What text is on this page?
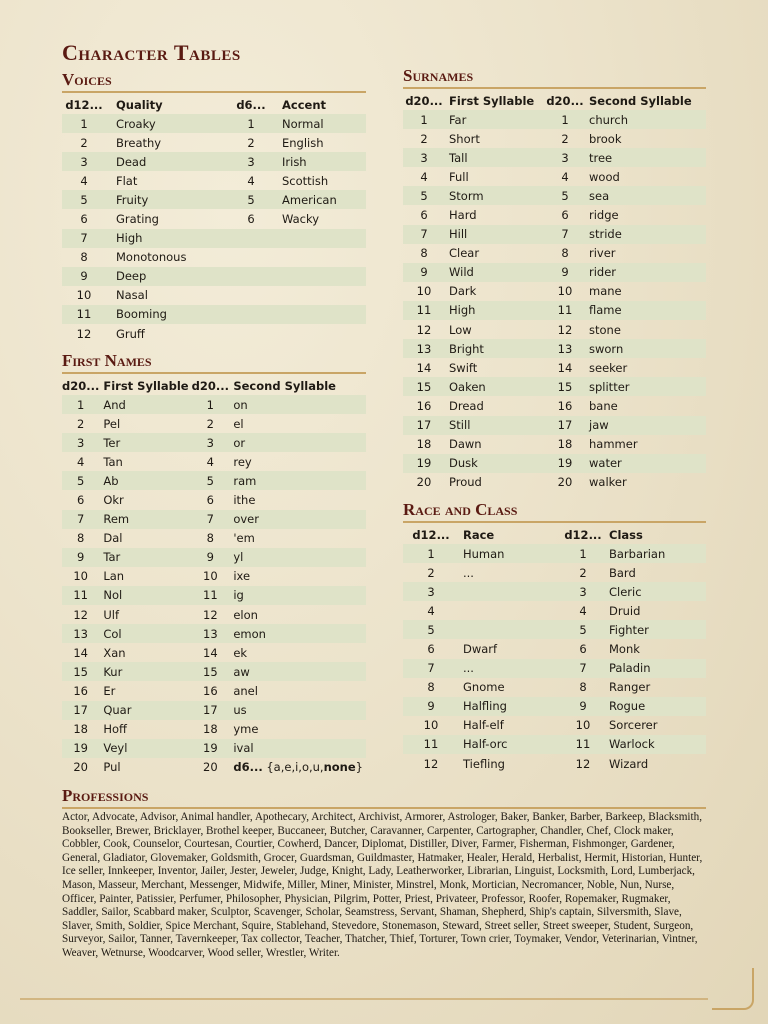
Character Tables
Voices
d12...	Quality	d6...	Accent
1	Croaky	1	Normal
2	Breathy	2	English
3	Dead	3	Irish
4	Flat	4	Scottish
5	Fruity	5	American
6	Grating	6	Wacky
7	High		
8	Monotonous		
9	Deep		
10	Nasal		
11	Booming		
12	Gruff		
First Names
d20...	First Syllable	d20...	Second Syllable
1	And	1	on
2	Pel	2	el
3	Ter	3	or
4	Tan	4	rey
5	Ab	5	ram
6	Okr	6	ithe
7	Rem	7	over
8	Dal	8	'em
9	Tar	9	yl
10	Lan	10	ixe
11	Nol	11	ig
12	Ulf	12	elon
13	Col	13	emon
14	Xan	14	ek
15	Kur	15	aw
16	Er	16	anel
17	Quar	17	us
18	Hoff	18	yme
19	Veyl	19	ival
20	Pul	20	d6... {a,e,i,o,u,none}
Surnames
d20...	First Syllable	d20...	Second Syllable
1	Far	1	church
2	Short	2	brook
3	Tall	3	tree
4	Full	4	wood
5	Storm	5	sea
6	Hard	6	ridge
7	Hill	7	stride
8	Clear	8	river
9	Wild	9	rider
10	Dark	10	mane
11	High	11	flame
12	Low	12	stone
13	Bright	13	sworn
14	Swift	14	seeker
15	Oaken	15	splitter
16	Dread	16	bane
17	Still	17	jaw
18	Dawn	18	hammer
19	Dusk	19	water
20	Proud	20	walker
Race and Class
d12...	Race	d12...	Class
1	Human	1	Barbarian
2	...	2	Bard
3		3	Cleric
4		4	Druid
5		5	Fighter
6	Dwarf	6	Monk
7	...	7	Paladin
8	Gnome	8	Ranger
9	Halfling	9	Rogue
10	Half-elf	10	Sorcerer
11	Half-orc	11	Warlock
12	Tiefling	12	Wizard
Professions
Actor, Advocate, Advisor, Animal handler, Apothecary, Architect, Archivist, Armorer, Astrologer, Baker, Banker, Barber, Barkeep, Blacksmith, Bookseller, Brewer, Bricklayer, Brothel keeper, Buccaneer, Butcher, Caravanner, Carpenter, Cartographer, Chandler, Chef, Clock maker, Cobbler, Cook, Counselor, Courtesan, Courtier, Cowherd, Dancer, Diplomat, Distiller, Diver, Farmer, Fisherman, Fishmonger, Gardener, General, Gladiator, Glovemaker, Goldsmith, Grocer, Guardsman, Guildmaster, Hatmaker, Healer, Herald, Herbalist, Hermit, Historian, Hunter, Ice seller, Innkeeper, Inventor, Jailer, Jester, Jeweler, Judge, Knight, Lady, Leatherworker, Librarian, Linguist, Locksmith, Lord, Lumberjack, Mason, Masseur, Merchant, Messenger, Midwife, Miller, Miner, Minister, Minstrel, Monk, Mortician, Necromancer, Noble, Nun, Nurse, Officer, Painter, Patissier, Perfumer, Philosopher, Physician, Pilgrim, Potter, Priest, Privateer, Professor, Roofer, Ropemaker, Rugmaker, Saddler, Sailor, Scabbard maker, Sculptor, Scavenger, Scholar, Seamstress, Servant, Shaman, Shepherd, Ship's captain, Silversmith, Slave, Slaver, Smith, Soldier, Spice Merchant, Squire, Stablehand, Stevedore, Stonemason, Steward, Street seller, Street sweeper, Student, Surgeon, Surveyor, Sailor, Tanner, Tavernkeeper, Tax collector, Teacher, Thatcher, Thief, Torturer, Town crier, Toymaker, Vendor, Veterinarian, Vintner, Weaver, Wetnurse, Woodcarver, Wood seller, Wrestler, Writer.
